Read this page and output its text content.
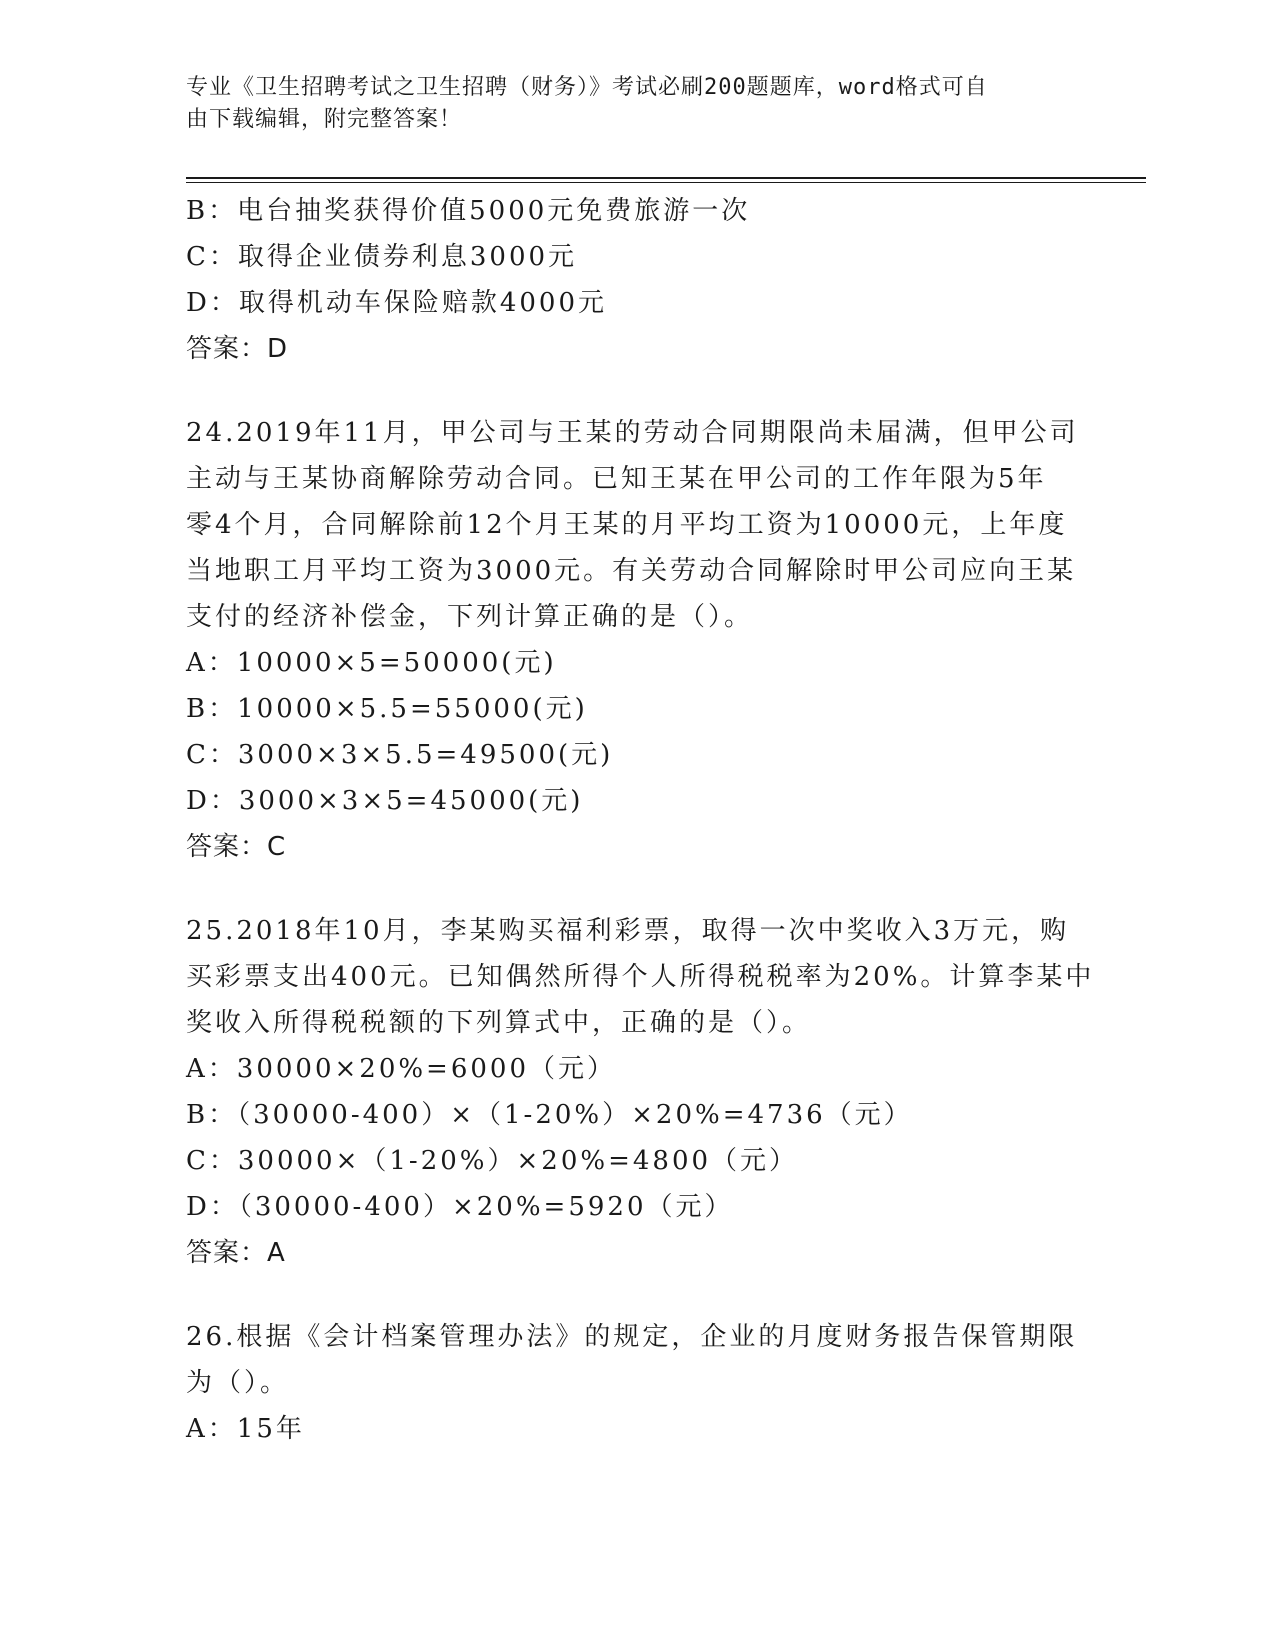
专业《卫生招聘考试之卫生招聘（财务）》考试必刷200题题库，word格式可自
由下载编辑，附完整答案！
B：电台抽奖获得价值5000元免费旅游一次
C：取得企业债券利息3000元
D：取得机动车保险赔款4000元
答案：D
24.2019年11月，甲公司与王某的劳动合同期限尚未届满，但甲公司
主动与王某协商解除劳动合同。已知王某在甲公司的工作年限为5年
零4个月，合同解除前12个月王某的月平均工资为10000元，上年度
当地职工月平均工资为3000元。有关劳动合同解除时甲公司应向王某
支付的经济补偿金，下列计算正确的是（）。
A：10000×5=50000(元)
B：10000×5.5=55000(元)
C：3000×3×5.5=49500(元)
D：3000×3×5=45000(元)
答案：C
25.2018年10月，李某购买福利彩票，取得一次中奖收入3万元，购
买彩票支出400元。已知偶然所得个人所得税税率为20%。计算李某中
奖收入所得税税额的下列算式中，正确的是（）。
A：30000×20%=6000（元）
B：（30000-400）×（1-20%）×20%=4736（元）
C：30000×（1-20%）×20%=4800（元）
D：（30000-400）×20%=5920（元）
答案：A
26.根据《会计档案管理办法》的规定，企业的月度财务报告保管期限
为（）。
A：15年
